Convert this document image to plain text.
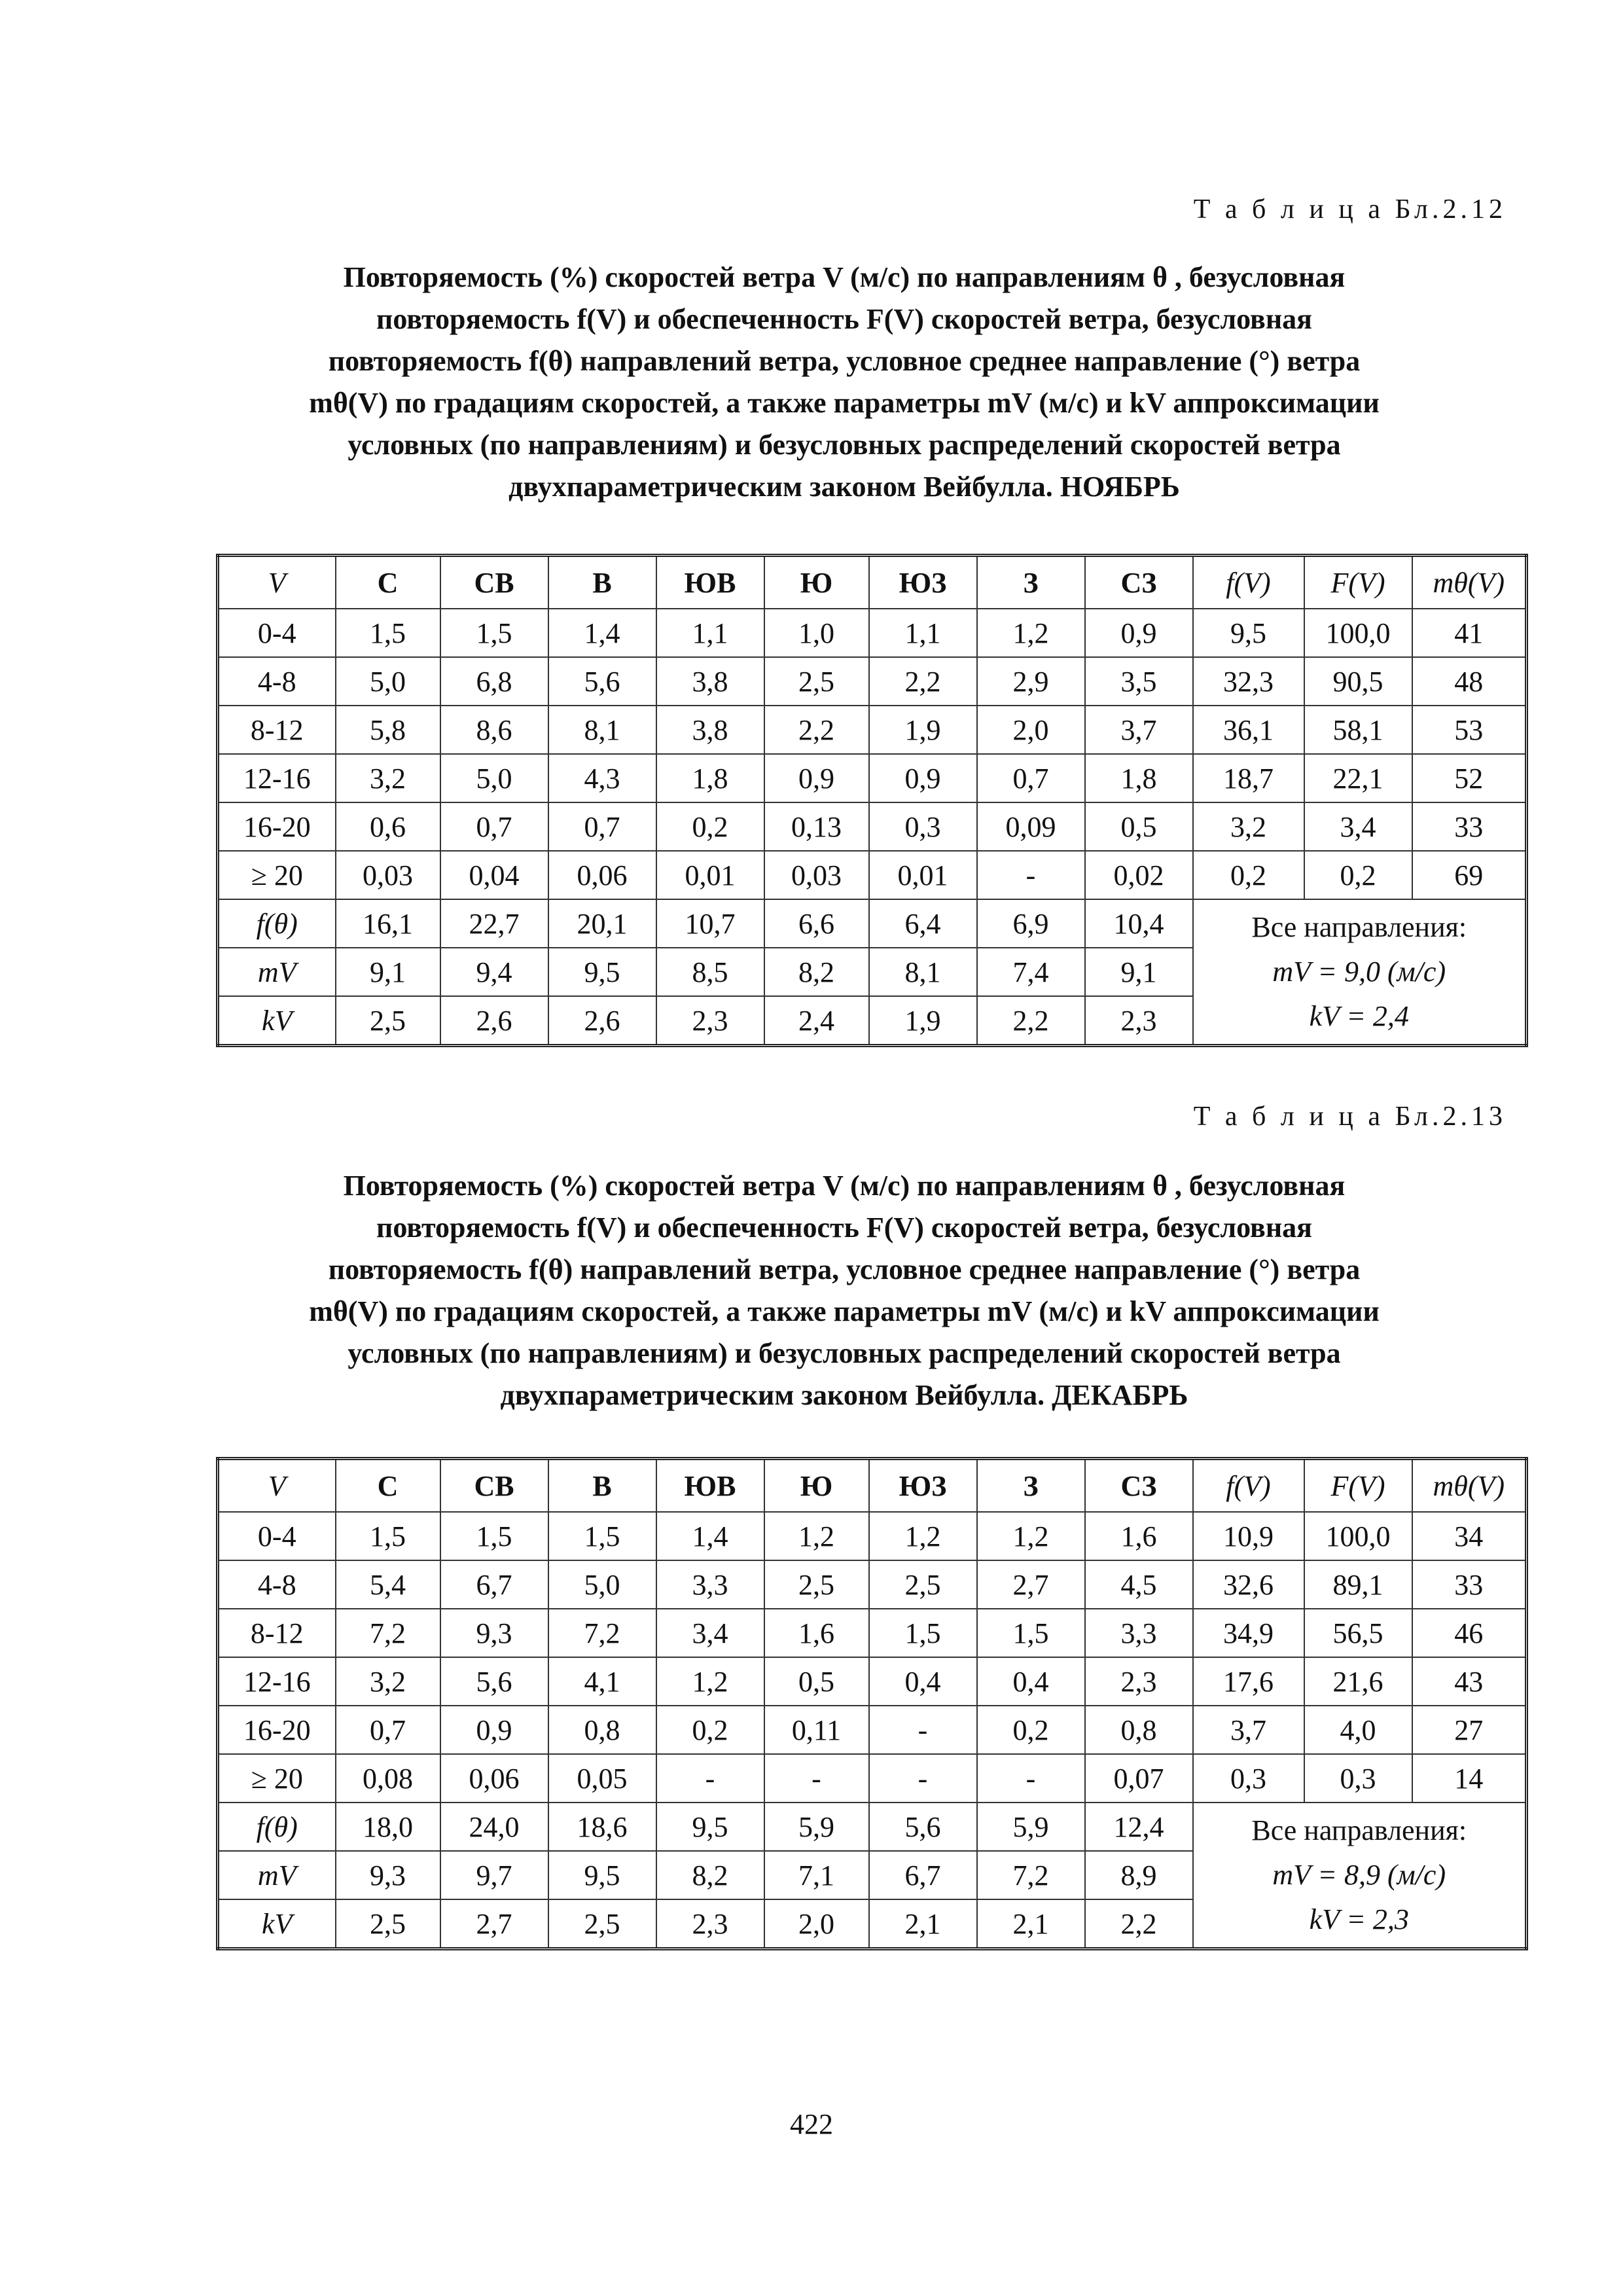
Т а б л и ц а Бл.2.12
Повторяемость (%) скоростей ветра V (м/с) по направлениям θ , безусловная
повторяемость f(V) и обеспеченность F(V) скоростей ветра, безусловная
повторяемость f(θ) направлений ветра, условное среднее направление (°) ветра
mθ(V) по градациям скоростей, а также параметры mV (м/с) и kV аппроксимации
условных (по направлениям) и безусловных распределений скоростей ветра
двухпараметрическим законом Вейбулла. НОЯБРЬ
V	С	СВ	В	ЮВ	Ю	ЮЗ	З	СЗ	f(V)	F(V)	mθ(V)
0-4	1,5	1,5	1,4	1,1	1,0	1,1	1,2	0,9	9,5	100,0	41
4-8	5,0	6,8	5,6	3,8	2,5	2,2	2,9	3,5	32,3	90,5	48
8-12	5,8	8,6	8,1	3,8	2,2	1,9	2,0	3,7	36,1	58,1	53
12-16	3,2	5,0	4,3	1,8	0,9	0,9	0,7	1,8	18,7	22,1	52
16-20	0,6	0,7	0,7	0,2	0,13	0,3	0,09	0,5	3,2	3,4	33
≥ 20	0,03	0,04	0,06	0,01	0,03	0,01	-	0,02	0,2	0,2	69
f(θ)	16,1	22,7	20,1	10,7	6,6	6,4	6,9	10,4	Все направления:
mV = 9,0 (м/с)
kV = 2,4		

mV	9,1	9,4	9,5	8,5	8,2	8,1	7,4	9,1			
kV	2,5	2,6	2,6	2,3	2,4	1,9	2,2	2,3			
Т а б л и ц а Бл.2.13
Повторяемость (%) скоростей ветра V (м/с) по направлениям θ , безусловная
повторяемость f(V) и обеспеченность F(V) скоростей ветра, безусловная
повторяемость f(θ) направлений ветра, условное среднее направление (°) ветра
mθ(V) по градациям скоростей, а также параметры mV (м/с) и kV аппроксимации
условных (по направлениям) и безусловных распределений скоростей ветра
двухпараметрическим законом Вейбулла. ДЕКАБРЬ
V	С	СВ	В	ЮВ	Ю	ЮЗ	З	СЗ	f(V)	F(V)	mθ(V)
0-4	1,5	1,5	1,5	1,4	1,2	1,2	1,2	1,6	10,9	100,0	34
4-8	5,4	6,7	5,0	3,3	2,5	2,5	2,7	4,5	32,6	89,1	33
8-12	7,2	9,3	7,2	3,4	1,6	1,5	1,5	3,3	34,9	56,5	46
12-16	3,2	5,6	4,1	1,2	0,5	0,4	0,4	2,3	17,6	21,6	43
16-20	0,7	0,9	0,8	0,2	0,11	-	0,2	0,8	3,7	4,0	27
≥ 20	0,08	0,06	0,05	-	-	-	-	0,07	0,3	0,3	14
f(θ)	18,0	24,0	18,6	9,5	5,9	5,6	5,9	12,4	Все направления:
mV = 8,9 (м/с)
kV = 2,3		

mV	9,3	9,7	9,5	8,2	7,1	6,7	7,2	8,9			
kV	2,5	2,7	2,5	2,3	2,0	2,1	2,1	2,2			
422
